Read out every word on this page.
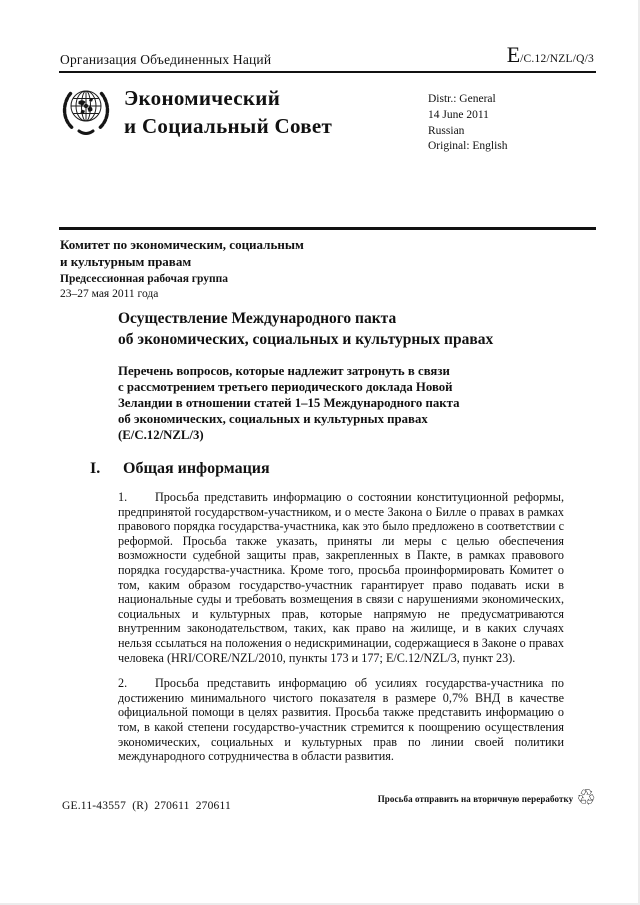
Организация Объединенных Наций	E /C.12/NZL/Q/3
Экономический
и Социальный Совет
Distr.: General
14 June 2011
Russian
Original: English
Комитет по экономическим, социальным
и культурным правам
Предсессионная рабочая группа
23–27 мая 2011 года
Осуществление Международного пакта
об экономических, социальных и культурных правах
Перечень вопросов, которые надлежит затронуть в связи
с рассмотрением третьего периодического доклада Новой
Зеландии в отношении статей 1–15 Международного пакта
об экономических, социальных и культурных правах
(E/C.12/NZL/3)
I.	Общая информация

1. Просьба представить информацию о состоянии конституционной реформы, предпринятой государством-участником, и о месте Закона о Билле о правах в рамках правового порядка государства-участника, как это было предложено в соответствии с реформой. Просьба также указать, приняты ли меры с целью обеспечения возможности судебной защиты прав, закрепленных в Пакте, в рамках правового порядка государства-участника. Кроме того, просьба проинформировать Комитет о том, каким образом государство-участник гарантирует право подавать иски в национальные суды и требовать возмещения в связи с нарушениями экономических, социальных и культурных прав, которые напрямую не предусматриваются внутренним законодательством, таких, как право на жилище, и в каких случаях нельзя ссылаться на положения о недискриминации, содержащиеся в Законе о правах человека (HRI/CORE/NZL/2010, пункты 173 и 177; E/C.12/NZL/3, пункт 23).

2. Просьба представить информацию об усилиях государства-участника по достижению минимального чистого показателя в размере 0,7% ВНД в качестве официальной помощи в целях развития. Просьба также представить информацию о том, в какой степени государство-участник стремится к поощрению осуществления экономических, социальных и культурных прав по линии своей политики международного сотрудничества в области развития.

GE.11-43557  (R)  270611  270611
Просьба отправить на вторичную переработку ♲
